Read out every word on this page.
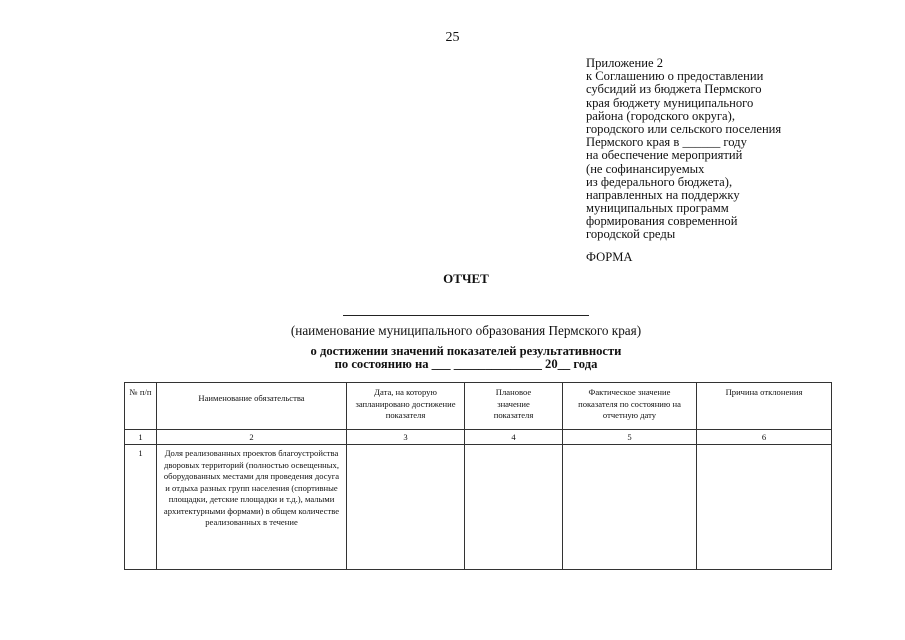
25
Приложение 2
к Соглашению о предоставлении
субсидий из бюджета Пермского
края бюджету муниципального
района (городского округа),
городского или сельского поселения
Пермского края в ______ году
на обеспечение мероприятий
(не софинансируемых
из федерального бюджета),
направленных на поддержку
муниципальных программ
формирования современной
городской среды
ФОРМА
ОТЧЕТ
(наименование муниципального образования Пермского края)
о достижении значений показателей результативности
по состоянию на ___ ______________ 20__ года
№ п/п	Наименование обязательства	Дата, на которую запланировано достижение показателя	Плановое значение показателя	Фактическое значение показателя по состоянию на отчетную дату	Причина отклонения

1	2	3	4	5	6

1	Доля реализованных проектов благоустройства дворовых территорий (полностью освещенных, оборудованных местами для проведения досуга и отдыха разных групп населения (спортивные площадки, детские площадки и т.д.), малыми архитектурными формами) в общем количестве реализованных в течение				
